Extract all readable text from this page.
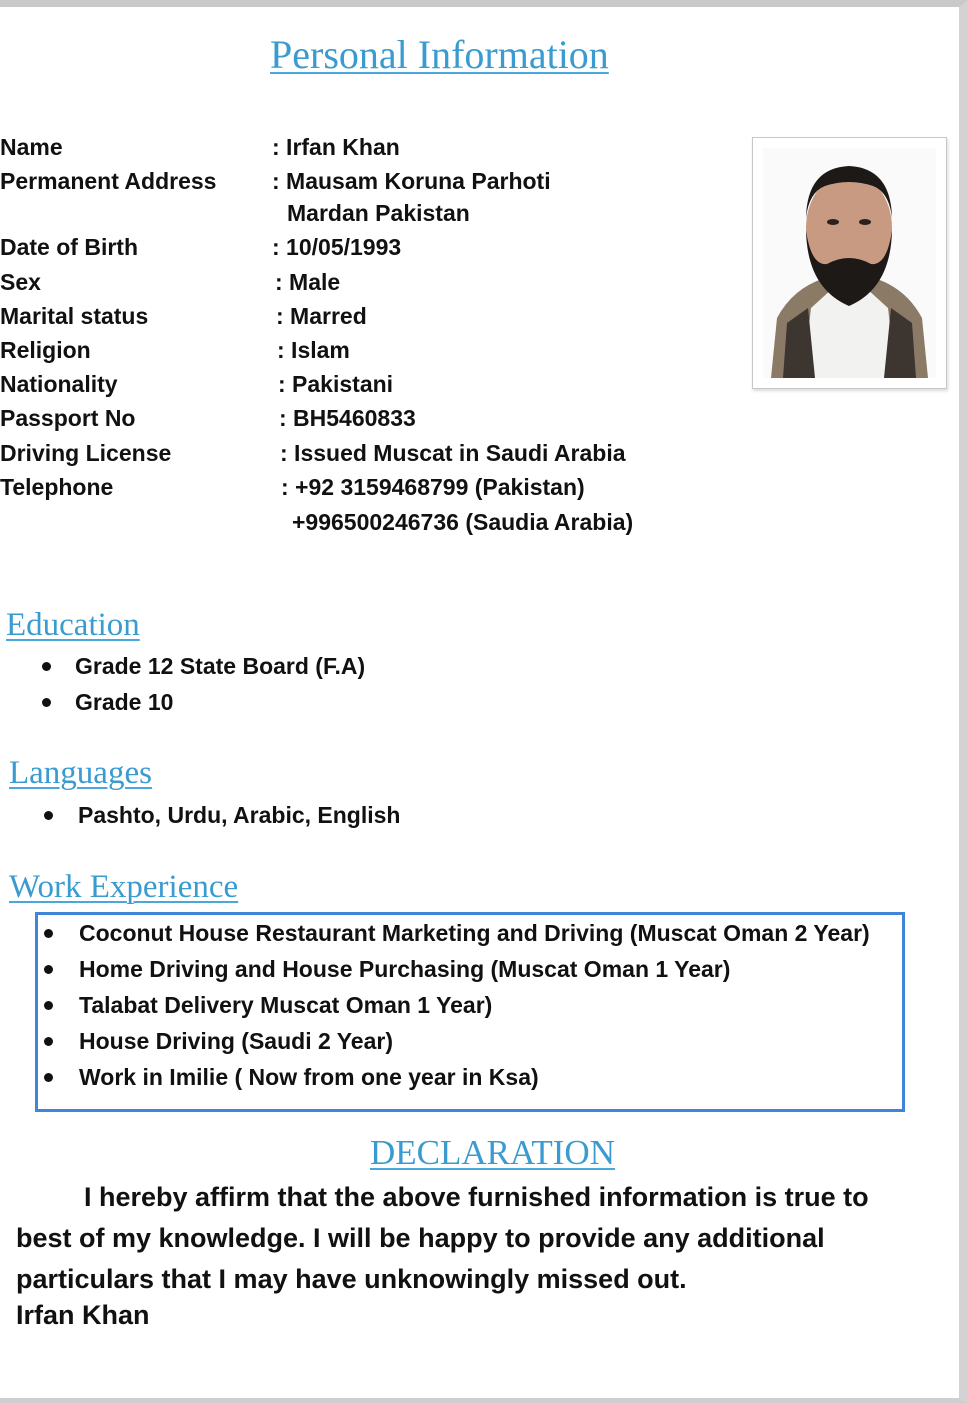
Personal Information
Name	: Irfan Khan
Permanent Address : Mausam Koruna Parhoti
Mardan Pakistan
Date of Birth	: 10/05/1993
Sex	: Male
Marital status	: Marred
Religion	: Islam
Nationality	: Pakistani
Passport No	: BH5460833
Driving License	: Issued Muscat in Saudi Arabia
Telephone	: +92 3159468799 (Pakistan)
+996500246736 (Saudia Arabia)
Education
Grade 12 State Board (F.A)
Grade 10
Languages
Pashto, Urdu, Arabic, English
Work Experience
Coconut House Restaurant Marketing and Driving (Muscat Oman 2 Year)
Home Driving and House Purchasing (Muscat Oman 1 Year)
Talabat Delivery Muscat Oman 1 Year)
House Driving (Saudi 2 Year)
Work in Imilie ( Now from one year in Ksa)
DECLARATION

I hereby affirm that the above furnished information is true to best of my knowledge. I will be happy to provide any additional particulars that I may have unknowingly missed out.

Irfan Khan
